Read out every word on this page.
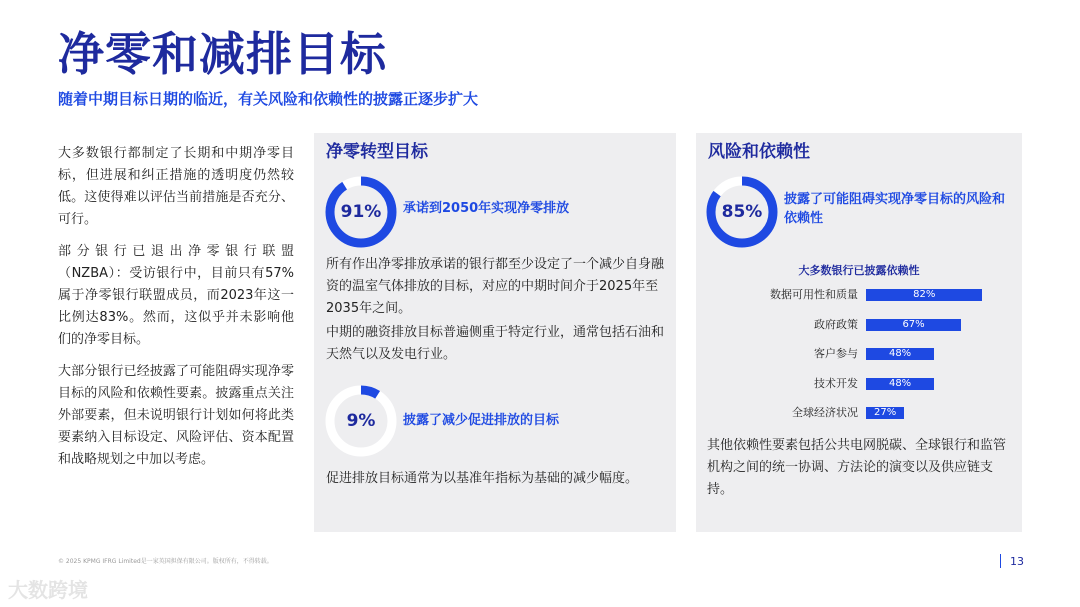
净零和减排目标
随着中期目标日期的临近，有关风险和依赖性的披露正逐步扩大

大多数银行都制定了长期和中期净零目标，但进展和纠正措施的透明度仍然较低。这使得难以评估当前措施是否充分、可行。

部分银行已退出净零银行联盟（NZBA）：受访银行中，目前只有57%属于净零银行联盟成员，而2023年这一比例达83%。然而，这似乎并未影响他们的净零目标。

大部分银行已经披露了可能阻碍实现净零目标的风险和依赖性要素。披露重点关注外部要素，但未说明银行计划如何将此类要素纳入目标设定、风险评估、资本配置和战略规划之中加以考虑。

净零转型目标
91%	承诺到2050年实现净零排放
所有作出净零排放承诺的银行都至少设定了一个减少自身融资的温室气体排放的目标，对应的中期时间介于2025年至2035年之间。
中期的融资排放目标普遍侧重于特定行业，通常包括石油和天然气以及发电行业。
9%	披露了减少促进排放的目标
促进排放目标通常为以基准年指标为基础的减少幅度。
风险和依赖性
85%
披露了可能阻碍实现净零目标的风险和依赖性
大多数银行已披露依赖性
数据可用性和质量	82%
政府政策	67%
客户参与	48%
技术开发	48%
全球经济状况	27%
其他依赖性要素包括公共电网脱碳、全球银行和监管机构之间的统一协调、方法论的演变以及供应链支持。
© 2025 KPMG IFRG Limited是一家英国担保有限公司。版权所有，不得转载。	13
大数跨境
